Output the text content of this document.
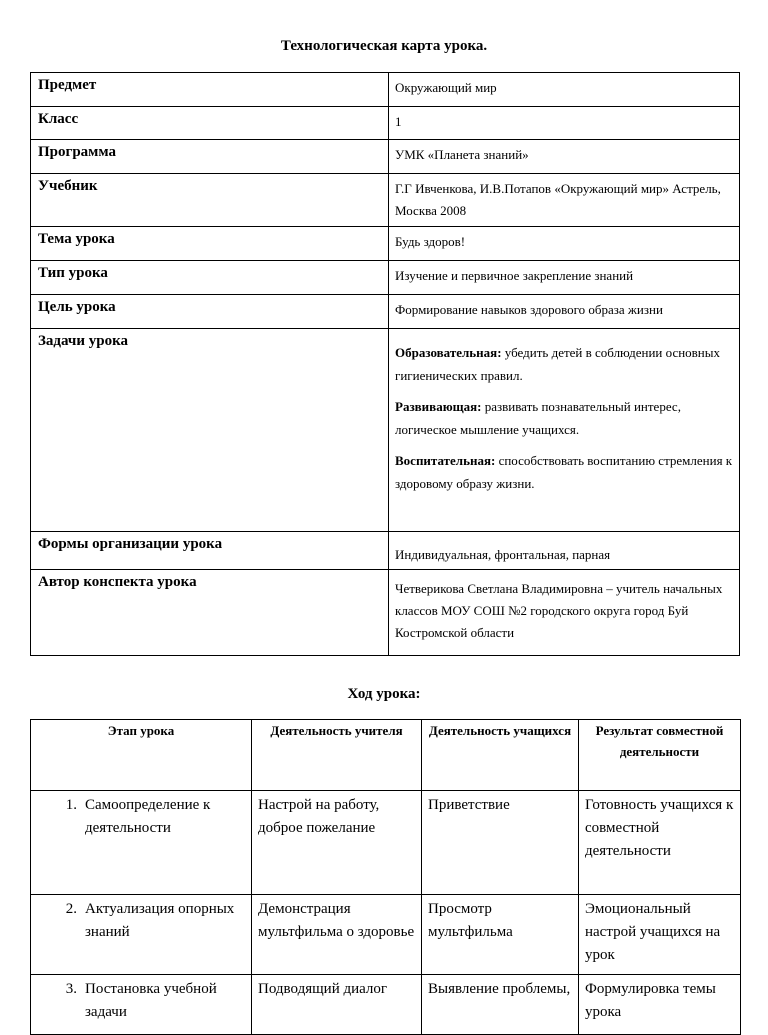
Технологическая карта урока.
Предмет	Окружающий мир
Класс	1
Программа	УМК «Планета знаний»
Учебник	Г.Г Ивченкова, И.В.Потапов «Окружающий мир» Астрель, Москва 2008
Тема урока	Будь здоров!
Тип урока	Изучение и первичное закрепление знаний
Цель урока	Формирование навыков здорового образа жизни
Задачи урока	Образовательная: убедить детей в соблюдении основных гигиенических правил.

Развивающая: развивать познавательный интерес, логическое мышление учащихся.

Воспитательная: способствовать воспитанию стремления к здоровому образу жизни.

Формы организации урока	Индивидуальная, фронтальная, парная
Автор конспекта урока	Четверикова Светлана Владимировна – учитель начальных классов МОУ СОШ №2 городского округа город Буй Костромской области
Ход урока:
Этап урока	Деятельность учителя	Деятельность учащихся	Результат совместной деятельности

1. Самоопределение к деятельности	Настрой на работу, доброе пожелание	Приветствие	Готовность учащихся к совместной деятельности

2. Актуализация опорных знаний	Демонстрация мультфильма о здоровье	Просмотр мультфильма	Эмоциональный настрой учащихся на урок

3. Постановка учебной задачи	Подводящий диалог	Выявление проблемы,	Формулировка темы урока
